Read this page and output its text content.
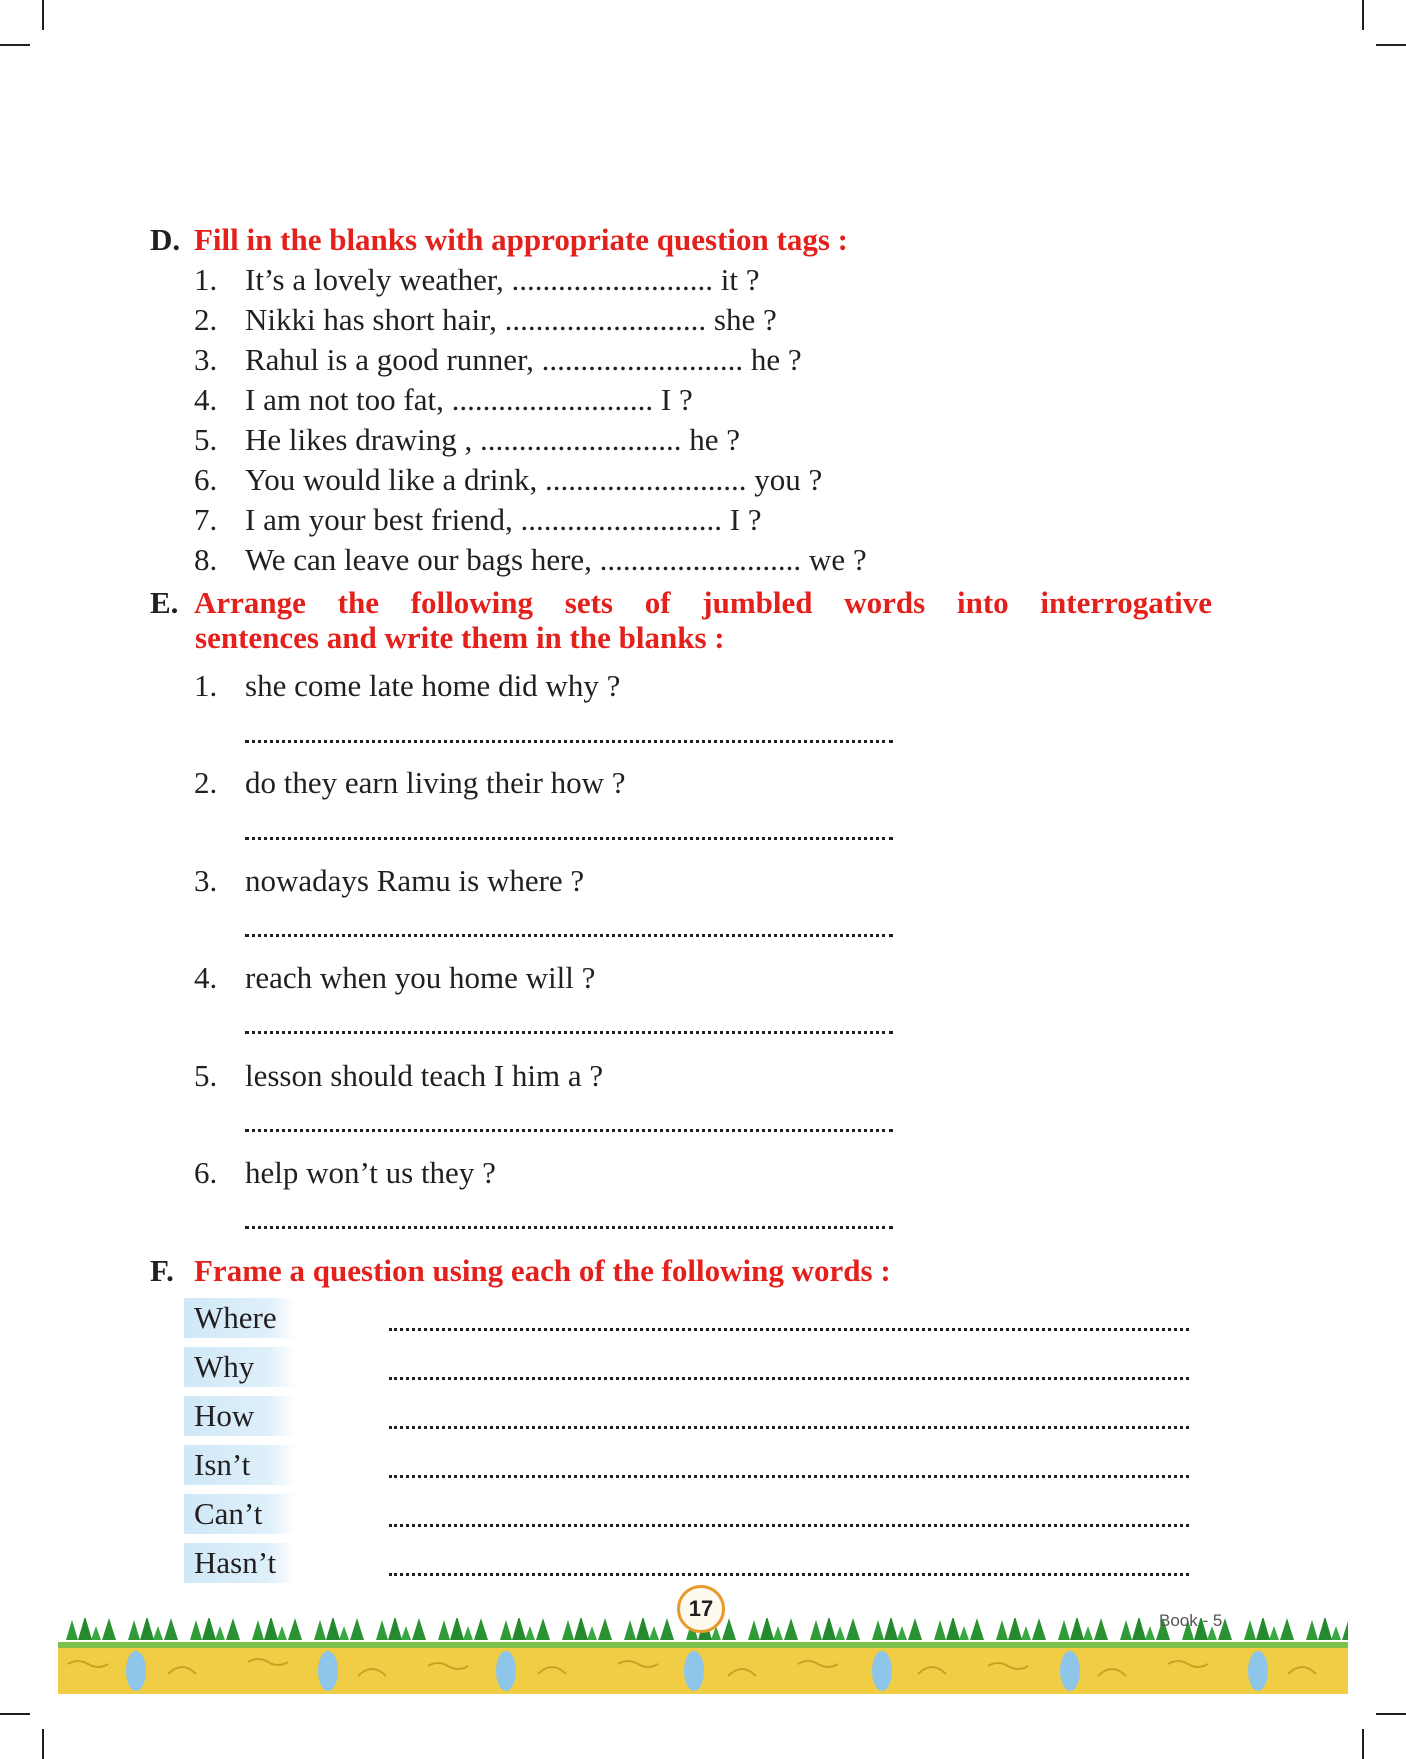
D. Fill in the blanks with appropriate question tags :
1. It’s a lovely weather, .......................... it ?
2. Nikki has short hair, .......................... she ?
3. Rahul is a good runner, .......................... he ?
4. I am not too fat, .......................... I ?
5. He likes drawing , .......................... he ?
6. You would like a drink, .......................... you ?
7. I am your best friend, .......................... I ?
8. We can leave our bags here, .......................... we ?
E. Arrange the following sets of jumbled words into interrogative
sentences and write them in the blanks :
1. she come late home did why ?
2. do they earn living their how ?
3. nowadays Ramu is where ?
4. reach when you home will ?
5. lesson should teach I him a ?
6. help won’t us they ?
F. Frame a question using each of the following words :
Where
Why
How
Isn’t
Can’t
Hasn’t
17	Book - 5
